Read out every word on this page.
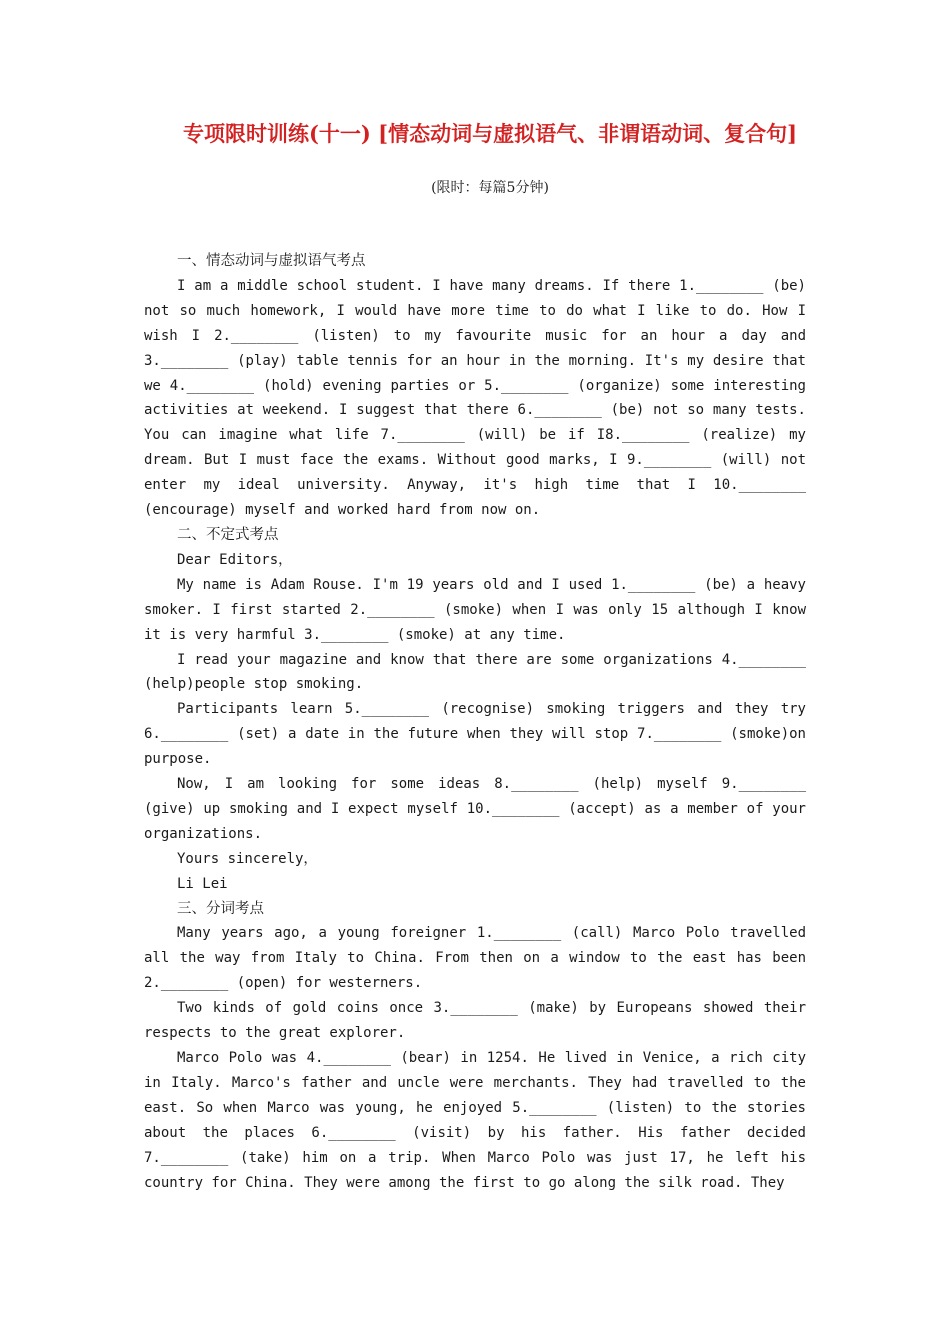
专项限时训练(十一) [情态动词与虚拟语气、非谓语动词、复合句]
(限时：每篇5分钟)

一、情态动词与虚拟语气考点

I am a middle school student. I have many dreams. If there 1.________ (be) not so much homework, I would have more time to do what I like to do. How I wish I 2.________ (listen) to my favourite music for an hour a day and 3.________ (play) table tennis for an hour in the morning. It's my desire that we 4.________ (hold) evening parties or 5.________ (organize) some interesting activities at weekend. I suggest that there 6.________ (be) not so many tests. You can imagine what life 7.________ (will) be if I8.________ (realize) my dream. But I must face the exams. Without good marks, I 9.________ (will) not enter my ideal university. Anyway, it's high time that I 10.________ (encourage) myself and worked hard from now on.

二、不定式考点

Dear Editors，

My name is Adam Rouse. I'm 19 years old and I used 1.________ (be) a heavy smoker. I first started 2.________ (smoke) when I was only 15 although I know it is very harmful 3.________ (smoke) at any time.

I read your magazine and know that there are some organizations 4.________ (help)people stop smoking.

Participants learn 5.________ (recognise) smoking triggers and they try 6.________ (set) a date in the future when they will stop 7.________ (smoke)on purpose.

Now, I am looking for some ideas 8.________ (help) myself 9.________ (give) up smoking and I expect myself 10.________ (accept) as a member of your organizations.

Yours sincerely，

Li Lei

三、分词考点

Many years ago, a young foreigner 1.________ (call) Marco Polo travelled all the way from Italy to China. From then on a window to the east has been 2.________ (open) for westerners.

Two kinds of gold coins once 3.________ (make) by Europeans showed their respects to the great explorer.

Marco Polo was 4.________ (bear) in 1254. He lived in Venice, a rich city in Italy. Marco's father and uncle were merchants. They had travelled to the east. So when Marco was young, he enjoyed 5.________ (listen) to the stories about the places 6.________ (visit) by his father. His father decided 7.________ (take) him on a trip. When Marco Polo was just 17, he left his country for China. They were among the first to go along the silk road. They
